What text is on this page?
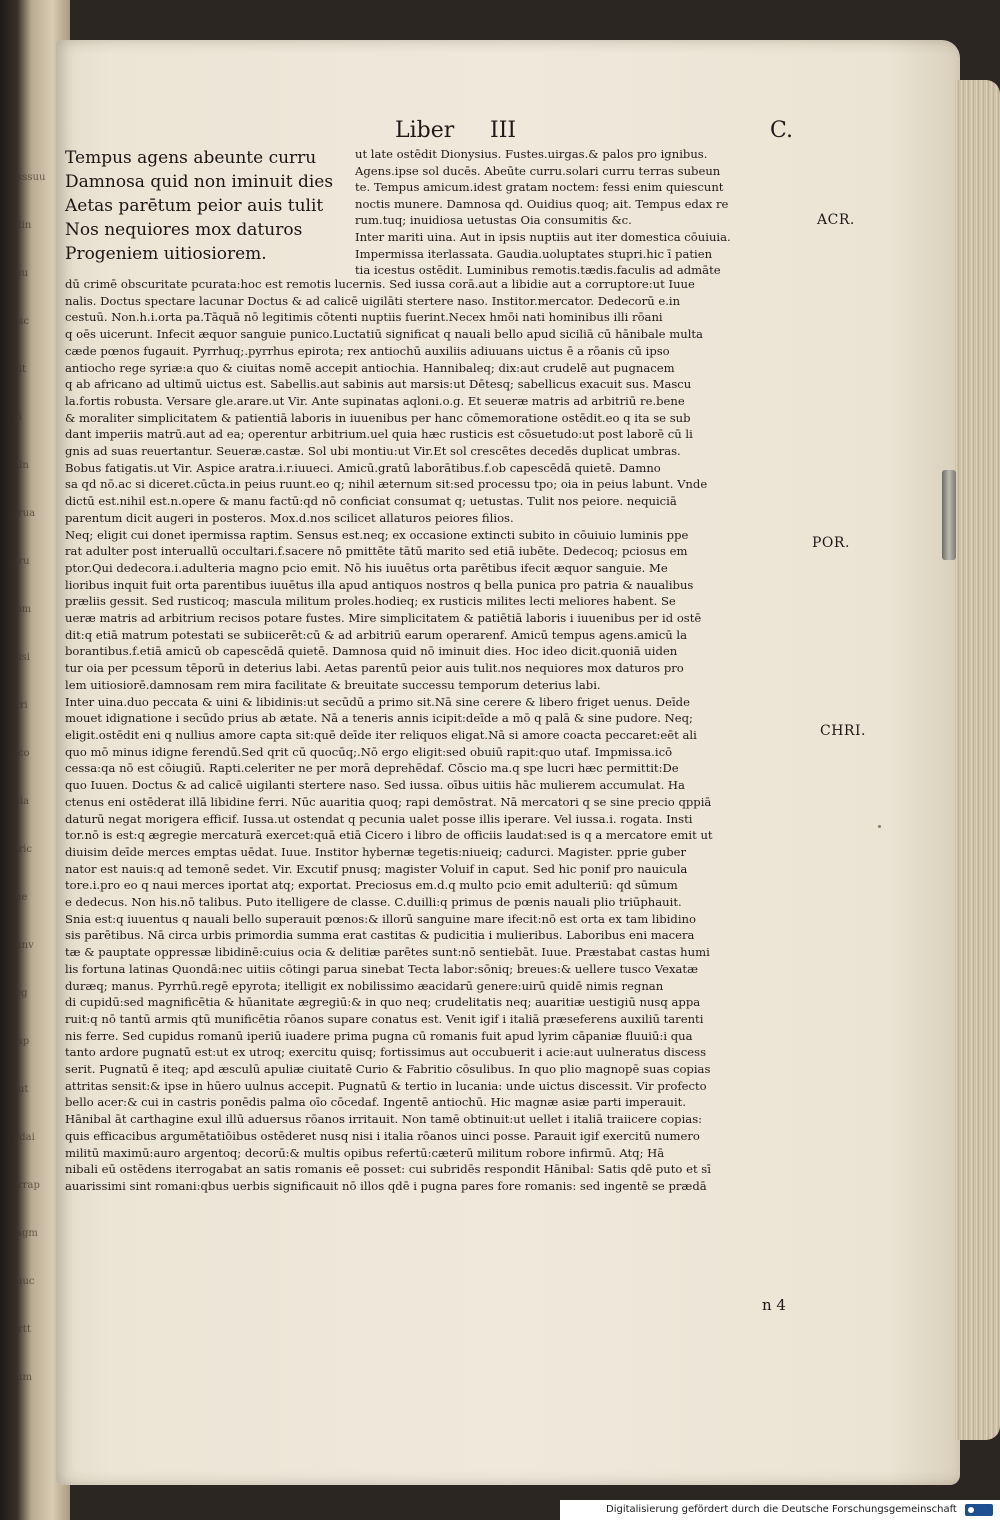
ssssuu
ulin
iuu
lisc
Sit
Ti
Aln
erua
gru
ipm
uisi
ftri
eco
Gia
uric
me
iunv
leg
rap
aut
Vdai
arrap
tagm
tuuc
ortt
tum
Liber III	C.
Tempus agens abeunte curru
Damnosa quid non iminuit dies
Aetas parētum peior auis tulit
Nos nequiores mox daturos
Progeniem uitiosiorem.
ut late ostēdit Dionysius. Fustes.uirgas.& palos pro ignibus.
Agens.ipse sol ducēs. Abeūte curru.solari curru terras subeun
te. Tempus amicum.idest gratam noctem: fessi enim quiescunt
noctis munere. Damnosa qd. Ouidius quoq; ait. Tempus edax re
rum.tuq; inuidiosa uetustas Oia consumitis &c.
Inter mariti uina. Aut in ipsis nuptiis aut iter domestica cōuiuia.
Impermissa iterlassata. Gaudia.uoluptates stupri.hic ī patien
tia icestus ostēdit. Luminibus remotis.tædis.faculis ad admāte
dū crimē obscuritate pcurata:hoc est remotis lucernis. Sed iussa corā.aut a libidie aut a corruptore:ut Iuue
nalis. Doctus spectare lacunar Doctus & ad calicē uigilāti stertere naso. Institor.mercator. Dedecorū e.in
cestuū. Non.h.i.orta pa.Tāquā nō legitimis cōtenti nuptiis fuerint.Necex hmōi nati hominibus illi rōani
q oēs uicerunt. Infecit æquor sanguie punico.Luctatiū significat q nauali bello apud siciliā cū hānibale multa
cæde pœnos fugauit. Pyrrhuq;.pyrrhus epirota; rex antiochū auxiliis adiuuans uictus ē a rōanis cū ipso
antiocho rege syriæ:a quo & ciuitas nomē accepit antiochia. Hannibaleq; dix:aut crudelē aut pugnacem
q ab africano ad ultimū uictus est. Sabellis.aut sabinis aut marsis:ut Dētesq; sabellicus exacuit sus. Mascu
la.fortis robusta. Versare gle.arare.ut Vir. Ante supinatas aqloni.o.g. Et seueræ matris ad arbitriū re.bene
& moraliter simplicitatem & patientiā laboris in iuuenibus per hanc cōmemoratione ostēdit.eo q ita se sub
dant imperiis matrū.aut ad ea; operentur arbitrium.uel quia hæc rusticis est cōsuetudo:ut post laborē cū li
gnis ad suas reuertantur. Seueræ.castæ. Sol ubi montiu:ut Vir.Et sol crescētes decedēs duplicat umbras.
Bobus fatigatis.ut Vir. Aspice aratra.i.r.iuueci. Amicū.gratū laborātibus.f.ob capescēdā quietē. Damno
sa qd nō.ac si diceret.cūcta.in peius ruunt.eo q; nihil æternum sit:sed processu tpo; oia in peius labunt. Vnde
dictū est.nihil est.n.opere & manu factū:qd nō conficiat consumat q; uetustas. Tulit nos peiore. nequiciā
parentum dicit augeri in posteros. Mox.d.nos scilicet allaturos peiores filios.
Neq; eligit cui donet ipermissa raptim. Sensus est.neq; ex occasione extincti subito in cōuiuio luminis ppe
rat adulter post interuallū occultari.f.sacere nō pmittēte tātū marito sed etiā iubēte. Dedecoq; pciosus em
ptor.Qui dedecora.i.adulteria magno pcio emit. Nō his iuuētus orta parētibus ifecit æquor sanguie. Me
lioribus inquit fuit orta parentibus iuuētus illa apud antiquos nostros q bella punica pro patria & naualibus
præliis gessit. Sed rusticoq; mascula militum proles.hodieq; ex rusticis milites lecti meliores habent. Se
ueræ matris ad arbitrium recisos potare fustes. Mire simplicitatem & patiētiā laboris i iuuenibus per id ostē
dit:q etiā matrum potestati se subiicerēt:cū & ad arbitriū earum operarenf. Amicū tempus agens.amicū la
borantibus.f.etiā amicū ob capescēdā quietē. Damnosa quid nō iminuit dies. Hoc ideo dicit.quoniā uiden
tur oia per pcessum tēporū in deterius labi. Aetas parentū peior auis tulit.nos nequiores mox daturos pro
lem uitiosiorē.damnosam rem mira facilitate & breuitate successu temporum deterius labi.
Inter uina.duo peccata & uini & libidinis:ut secūdū a primo sit.Nā sine cerere & libero friget uenus. Deīde
mouet idignatione i secūdo prius ab ætate. Nā a teneris annis icipit:deīde a mō q palā & sine pudore. Neq;
eligit.ostēdit eni q nullius amore capta sit:quē deīde iter reliquos eligat.Nā si amore coacta peccaret:eēt ali
quo mō minus idigne ferendū.Sed qrit cū quocūq;.Nō ergo eligit:sed obuiū rapit:quo utaf. Impmissa.icō
cessa:qa nō est cōiugiū. Rapti.celeriter ne per morā deprehēdaf. Cōscio ma.q spe lucri hæc permittit:De
quo Iuuen. Doctus & ad calicē uigilanti stertere naso. Sed iussa. oībus uitiis hāc mulierem accumulat. Ha
ctenus eni ostēderat illā libidine ferri. Nūc auaritia quoq; rapi demōstrat. Nā mercatori q se sine precio qppiā
daturū negat morigera efficif. Iussa.ut ostendat q pecunia ualet posse illis iperare. Vel iussa.i. rogata. Insti
tor.nō is est:q ægregie mercaturā exercet:quā etiā Cicero i libro de officiis laudat:sed is q a mercatore emit ut
diuisim deīde merces emptas uēdat. Iuue. Institor hybernæ tegetis:niueiq; cadurci. Magister. pprie guber
nator est nauis:q ad temonē sedet. Vir. Excutif pnusq; magister Voluif in caput. Sed hic ponif pro nauicula
tore.i.pro eo q naui merces iportat atq; exportat. Preciosus em.d.q multo pcio emit adulteriū: qd sūmum
e dedecus. Non his.nō talibus. Puto itelligere de classe. C.duilli:q primus de pœnis nauali plio triūphauit.
Snia est:q iuuentus q nauali bello superauit pœnos:& illorū sanguine mare ifecit:nō est orta ex tam libidino
sis parētibus. Nā circa urbis primordia summa erat castitas & pudicitia i mulieribus. Laboribus eni macera
tæ & pauptate oppressæ libidinē:cuius ocia & delitiæ parētes sunt:nō sentiebāt. Iuue. Præstabat castas humi
lis fortuna latinas Quondā:nec uitiis cōtingi parua sinebat Tecta labor:sōniq; breues:& uellere tusco Vexatæ
duræq; manus. Pyrrhū.regē epyrota; itelligit ex nobilissimo æacidarū genere:uirū quidē nimis regnan
di cupidū:sed magnificētia & hūanitate ægregiū:& in quo neq; crudelitatis neq; auaritiæ uestigiū nusq appa
ruit:q nō tantū armis qtū munificētia rōanos supare conatus est. Venit igif i italiā præseferens auxiliū tarenti
nis ferre. Sed cupidus romanū iperiū iuadere prima pugna cū romanis fuit apud lyrim cāpaniæ fluuiū:i qua
tanto ardore pugnatū est:ut ex utroq; exercitu quisq; fortissimus aut occubuerit i acie:aut uulneratus discess
serit. Pugnatū ē iteq; apd æsculū apuliæ ciuitatē Curio & Fabritio cōsulibus. In quo plio magnopē suas copias
attritas sensit:& ipse in hūero uulnus accepit. Pugnatū & tertio in lucania: unde uictus discessit. Vir profecto
bello acer:& cui in castris ponēdis palma oīo cōcedaf. Ingentē antiochū. Hic magnæ asiæ parti imperauit.
Hānibal āt carthagine exul illū aduersus rōanos irritauit. Non tamē obtinuit:ut uellet i italiā traiicere copias:
quis efficacibus argumētatiōibus ostēderet nusq nisi i italia rōanos uinci posse. Parauit igif exercitū numero
militū maximū:auro argentoq; decorū:& multis opibus refertū:cæterū militum robore infirmū. Atq; Hā
nibali eū ostēdens iterrogabat an satis romanis eē posset: cui subridēs respondit Hānibal: Satis qdē puto et sī
auarissimi sint romani:qbus uerbis significauit nō illos qdē i pugna pares fore romanis: sed ingentē se prædā
ACR.
POR.
CHRI.
n 4
Digitalisierung gefördert durch die Deutsche Forschungsgemeinschaft
